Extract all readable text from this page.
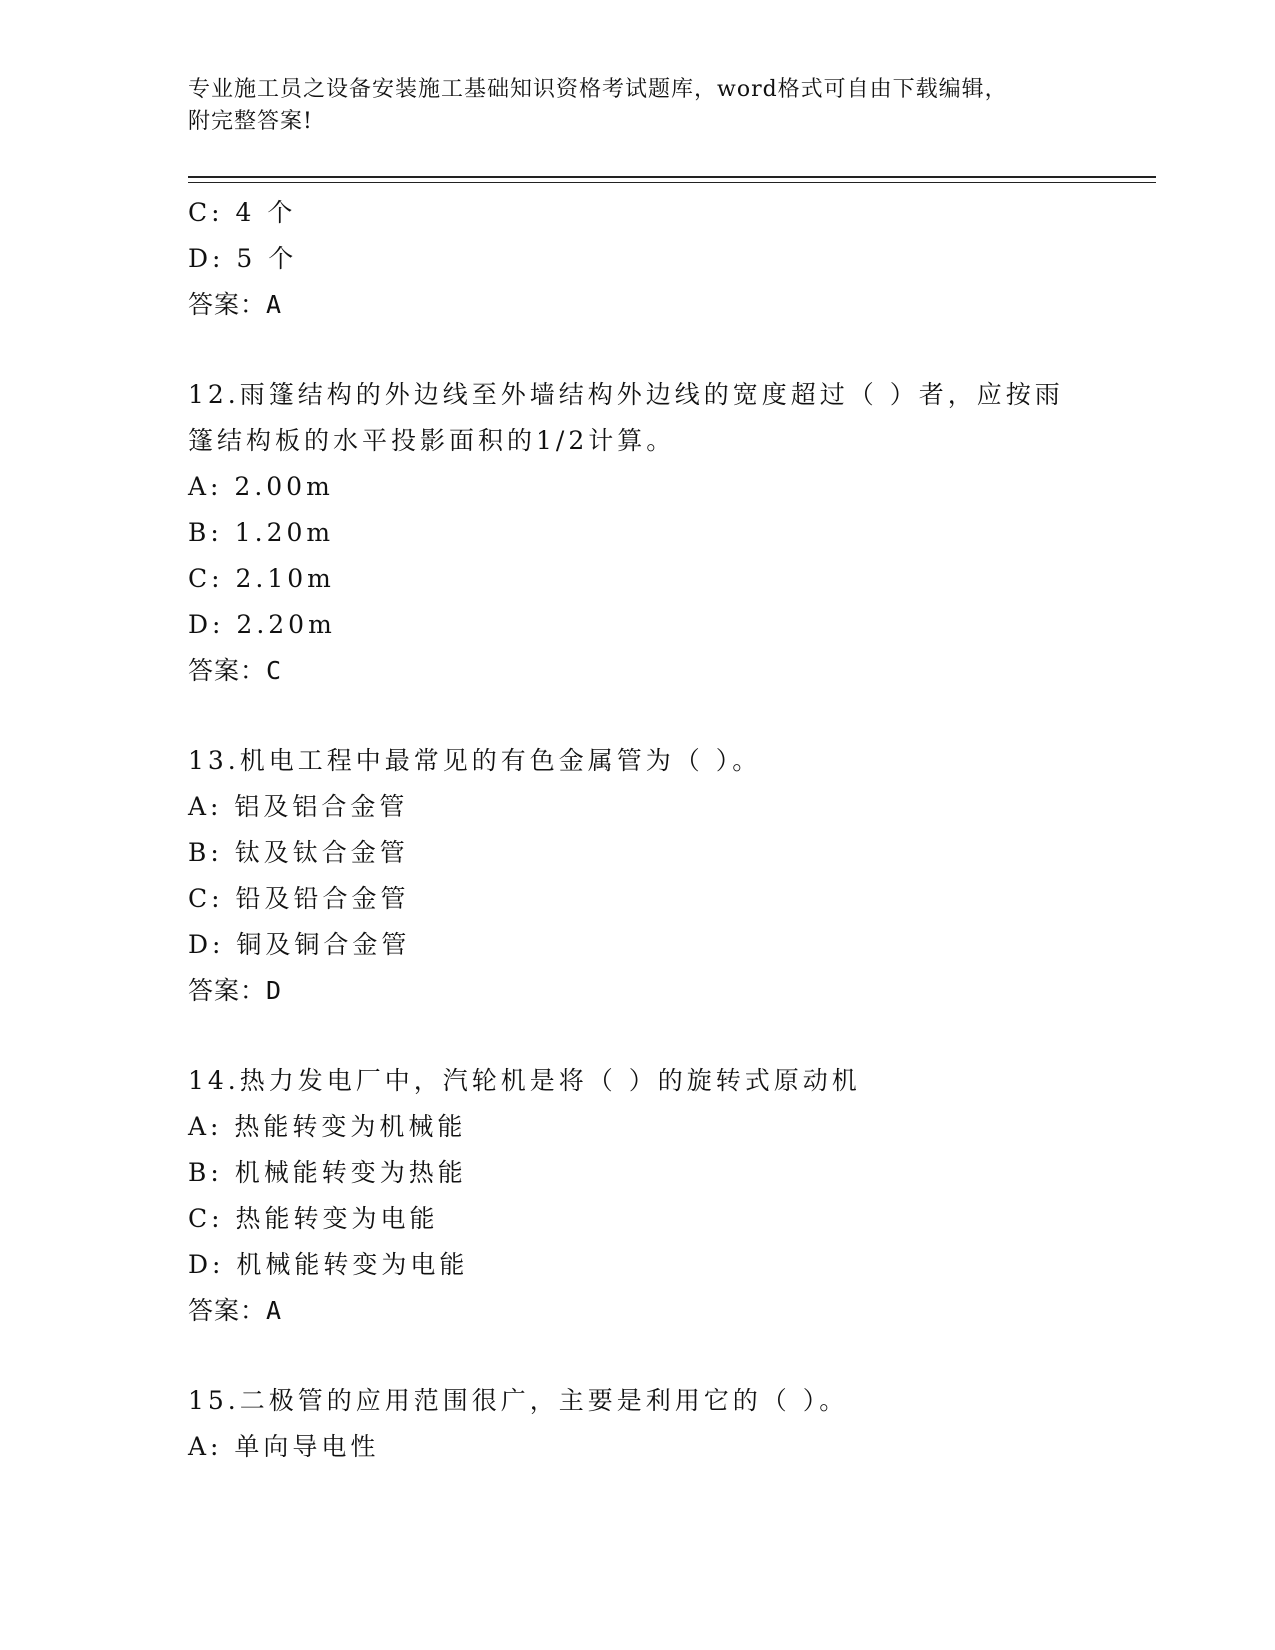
专业施工员之设备安装施工基础知识资格考试题库，word格式可自由下载编辑，
附完整答案!
C: 4 个
D: 5 个
答案：A
12.雨篷结构的外边线至外墙结构外边线的宽度超过（ ）者，应按雨
篷结构板的水平投影面积的1/2计算。
A: 2.00m
B: 1.20m
C: 2.10m
D: 2.20m
答案：C
13.机电工程中最常见的有色金属管为（ ）。
A: 铝及铝合金管
B: 钛及钛合金管
C: 铅及铅合金管
D: 铜及铜合金管
答案：D
14.热力发电厂中，汽轮机是将（ ）的旋转式原动机
A: 热能转变为机械能
B: 机械能转变为热能
C: 热能转变为电能
D: 机械能转变为电能
答案：A
15.二极管的应用范围很广，主要是利用它的（ ）。
A: 单向导电性
